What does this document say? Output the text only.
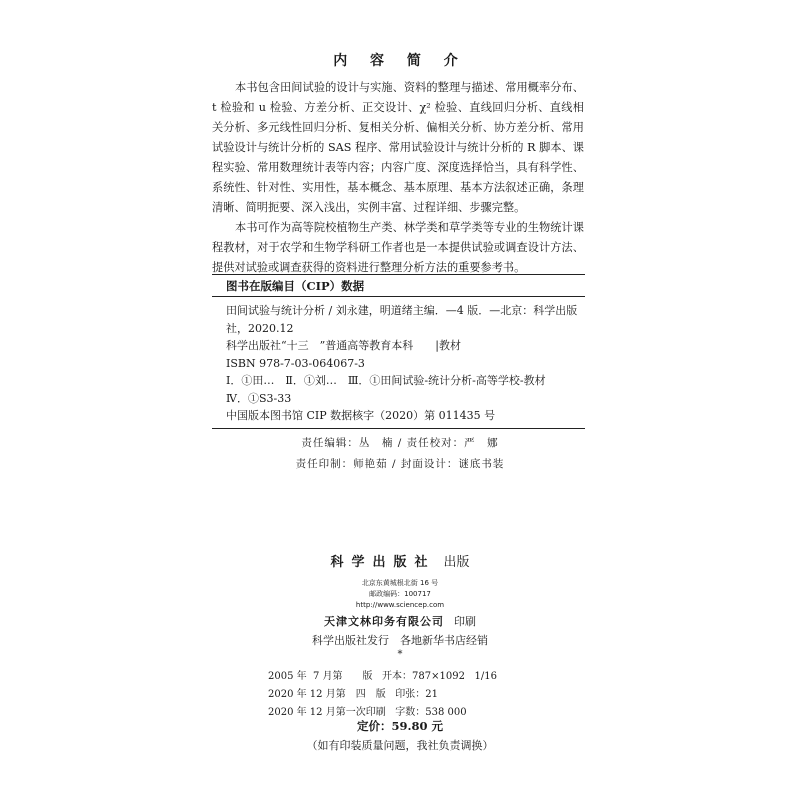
内 容 简 介

本书包含田间试验的设计与实施、资料的整理与描述、常用概率分布、t 检验和 u 检验、方差分析、正交设计、χ² 检验、直线回归分析、直线相关分析、多元线性回归分析、复相关分析、偏相关分析、协方差分析、常用试验设计与统计分析的 SAS 程序、常用试验设计与统计分析的 R 脚本、课程实验、常用数理统计表等内容；内容广度、深度选择恰当，具有科学性、系统性、针对性、实用性，基本概念、基本原理、基本方法叙述正确，条理清晰、简明扼要、深入浅出，实例丰富、过程详细、步骤完整。

本书可作为高等院校植物生产类、林学类和草学类等专业的生物统计课程教材，对于农学和生物学科研工作者也是一本提供试验或调查设计方法、提供对试验或调查获得的资料进行整理分析方法的重要参考书。

图书在版编目（CIP）数据
田间试验与统计分析 / 刘永建，明道绪主编．—4 版．—北京：科学出版社，2020.12
科学出版社“十三　”普通高等教育本科　　|教材
ISBN 978-7-03-064067-3
Ⅰ．①田…　Ⅱ．①刘…　Ⅲ．①田间试验-统计分析-高等学校-教材
Ⅳ．①S3-33
中国版本图书馆 CIP 数据核字（2020）第 011435 号
责任编辑：丛　楠 / 责任校对：严　娜
责任印制：师艳茹 / 封面设计：谜底书装
科学出版社 出版
北京东黄城根北街 16 号
邮政编码：100717
http://www.sciencep.com
天津文林印务有限公司 印刷
科学出版社发行　各地新华书店经销
*
2005 年  7 月第　　版   开本：787×1092   1/16
2020 年 12 月第　四　版   印张：21
2020 年 12 月第一次印刷   字数：538 000
定价：59.80 元
（如有印装质量问题，我社负责调换）
